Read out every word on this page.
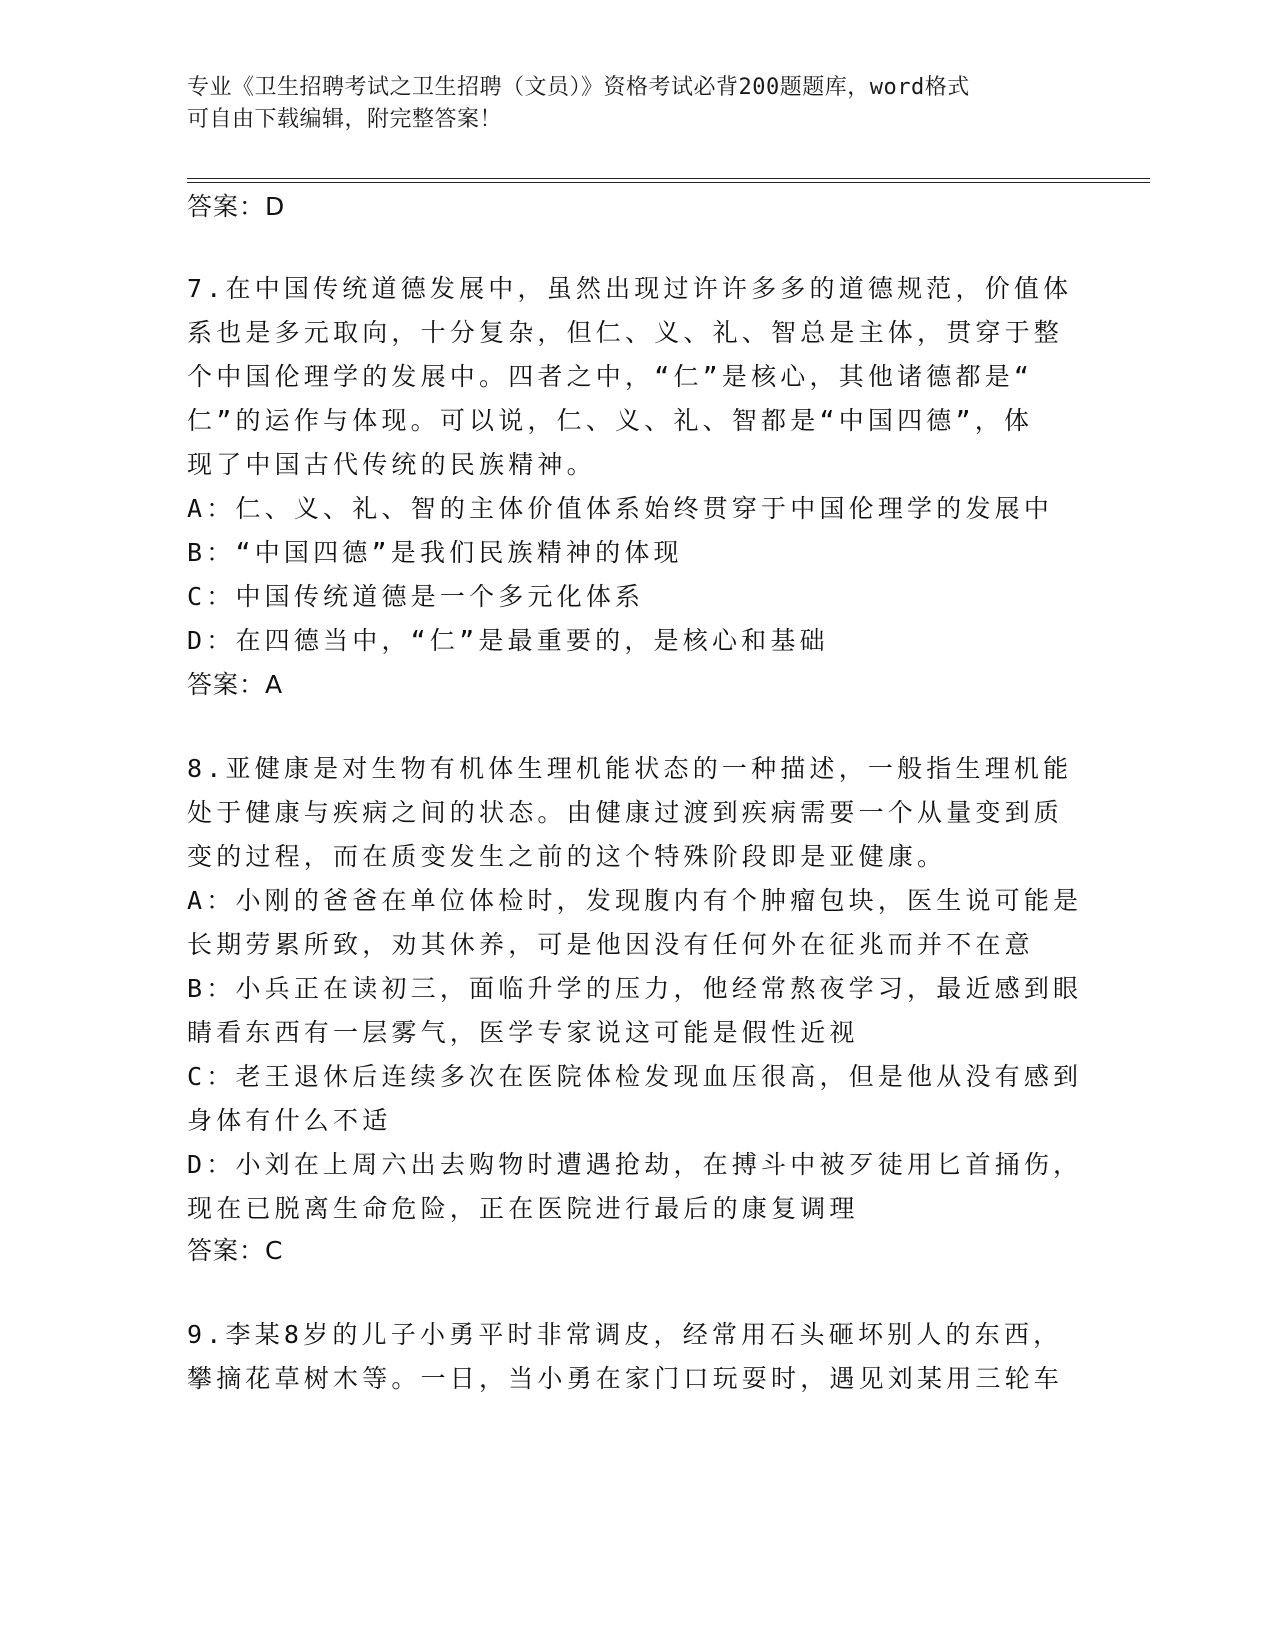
专业《卫生招聘考试之卫生招聘（文员）》资格考试必背200题题库，word格式
可自由下载编辑，附完整答案！
答案：D
7.在中国传统道德发展中，虽然出现过许许多多的道德规范，价值体
系也是多元取向，十分复杂，但仁、义、礼、智总是主体，贯穿于整
个中国伦理学的发展中。四者之中，“仁”是核心，其他诸德都是“
仁”的运作与体现。可以说，仁、义、礼、智都是“中国四德”，体
现了中国古代传统的民族精神。
A：仁、义、礼、智的主体价值体系始终贯穿于中国伦理学的发展中
B：“中国四德”是我们民族精神的体现
C：中国传统道德是一个多元化体系
D：在四德当中，“仁”是最重要的，是核心和基础
答案：A
8.亚健康是对生物有机体生理机能状态的一种描述，一般指生理机能
处于健康与疾病之间的状态。由健康过渡到疾病需要一个从量变到质
变的过程，而在质变发生之前的这个特殊阶段即是亚健康。
A：小刚的爸爸在单位体检时，发现腹内有个肿瘤包块，医生说可能是
长期劳累所致，劝其休养，可是他因没有任何外在征兆而并不在意
B：小兵正在读初三，面临升学的压力，他经常熬夜学习，最近感到眼
睛看东西有一层雾气，医学专家说这可能是假性近视
C：老王退休后连续多次在医院体检发现血压很高，但是他从没有感到
身体有什么不适
D：小刘在上周六出去购物时遭遇抢劫，在搏斗中被歹徒用匕首捅伤，
现在已脱离生命危险，正在医院进行最后的康复调理
答案：C
9.李某8岁的儿子小勇平时非常调皮，经常用石头砸坏别人的东西，
攀摘花草树木等。一日，当小勇在家门口玩耍时，遇见刘某用三轮车
